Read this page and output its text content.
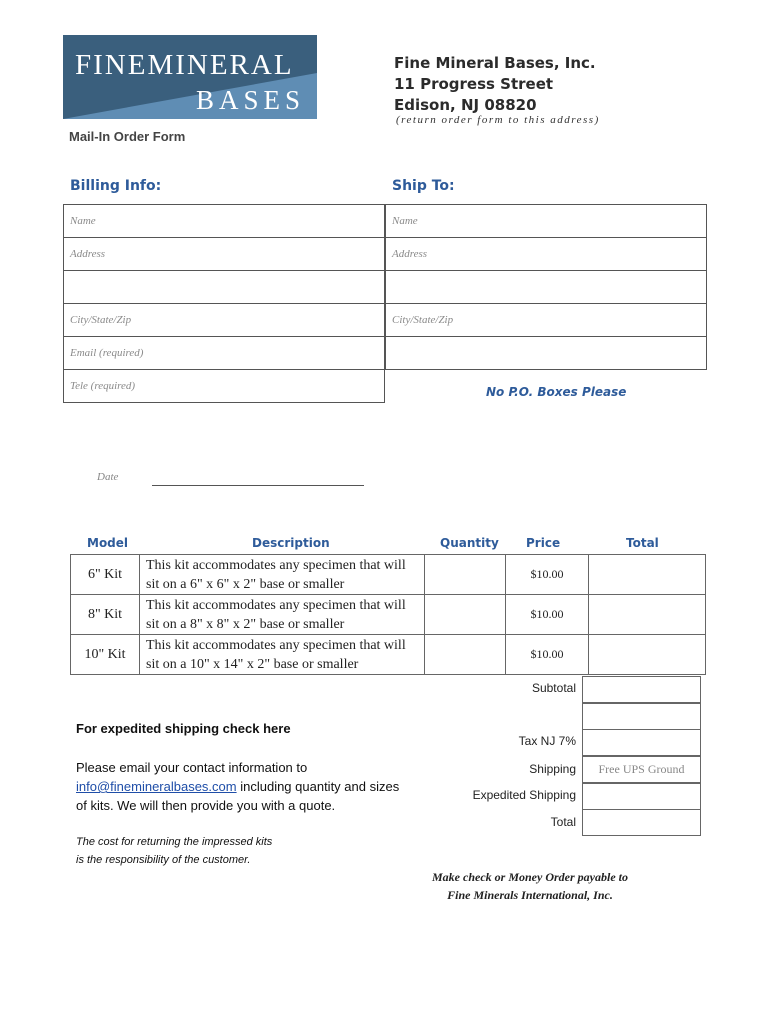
FINEMINERAL
BASES
Fine Mineral Bases, Inc.
11 Progress Street
Edison, NJ 08820
(return order form to this address)
Mail-In Order Form
Billing Info:	Ship To:
Name
Address

City/State/Zip
Email (required)
Tele (required)
Name
Address

City/State/Zip

No P.O. Boxes Please
Date
Model	Description	Quantity Price	Total
6" Kit	This kit accommodates any specimen that will
sit on a 6" x 6" x 2" base or smaller		$10.00	
8" Kit	This kit accommodates any specimen that will
sit on a 8" x 8" x 2" base or smaller		$10.00	
10" Kit	This kit accommodates any specimen that will
sit on a 10" x 14" x 2" base or smaller		$10.00	
Subtotal
Tax NJ 7%
Shipping	Free UPS Ground
Expedited Shipping
Total
For expedited shipping check here
Please email your contact information to
info@finemineralbases.com including quantity and sizes of kits. We will then provide you with a quote.
The cost for returning the impressed kits
is the responsibility of the customer.
Make check or Money Order payable to
Fine Minerals International, Inc.
